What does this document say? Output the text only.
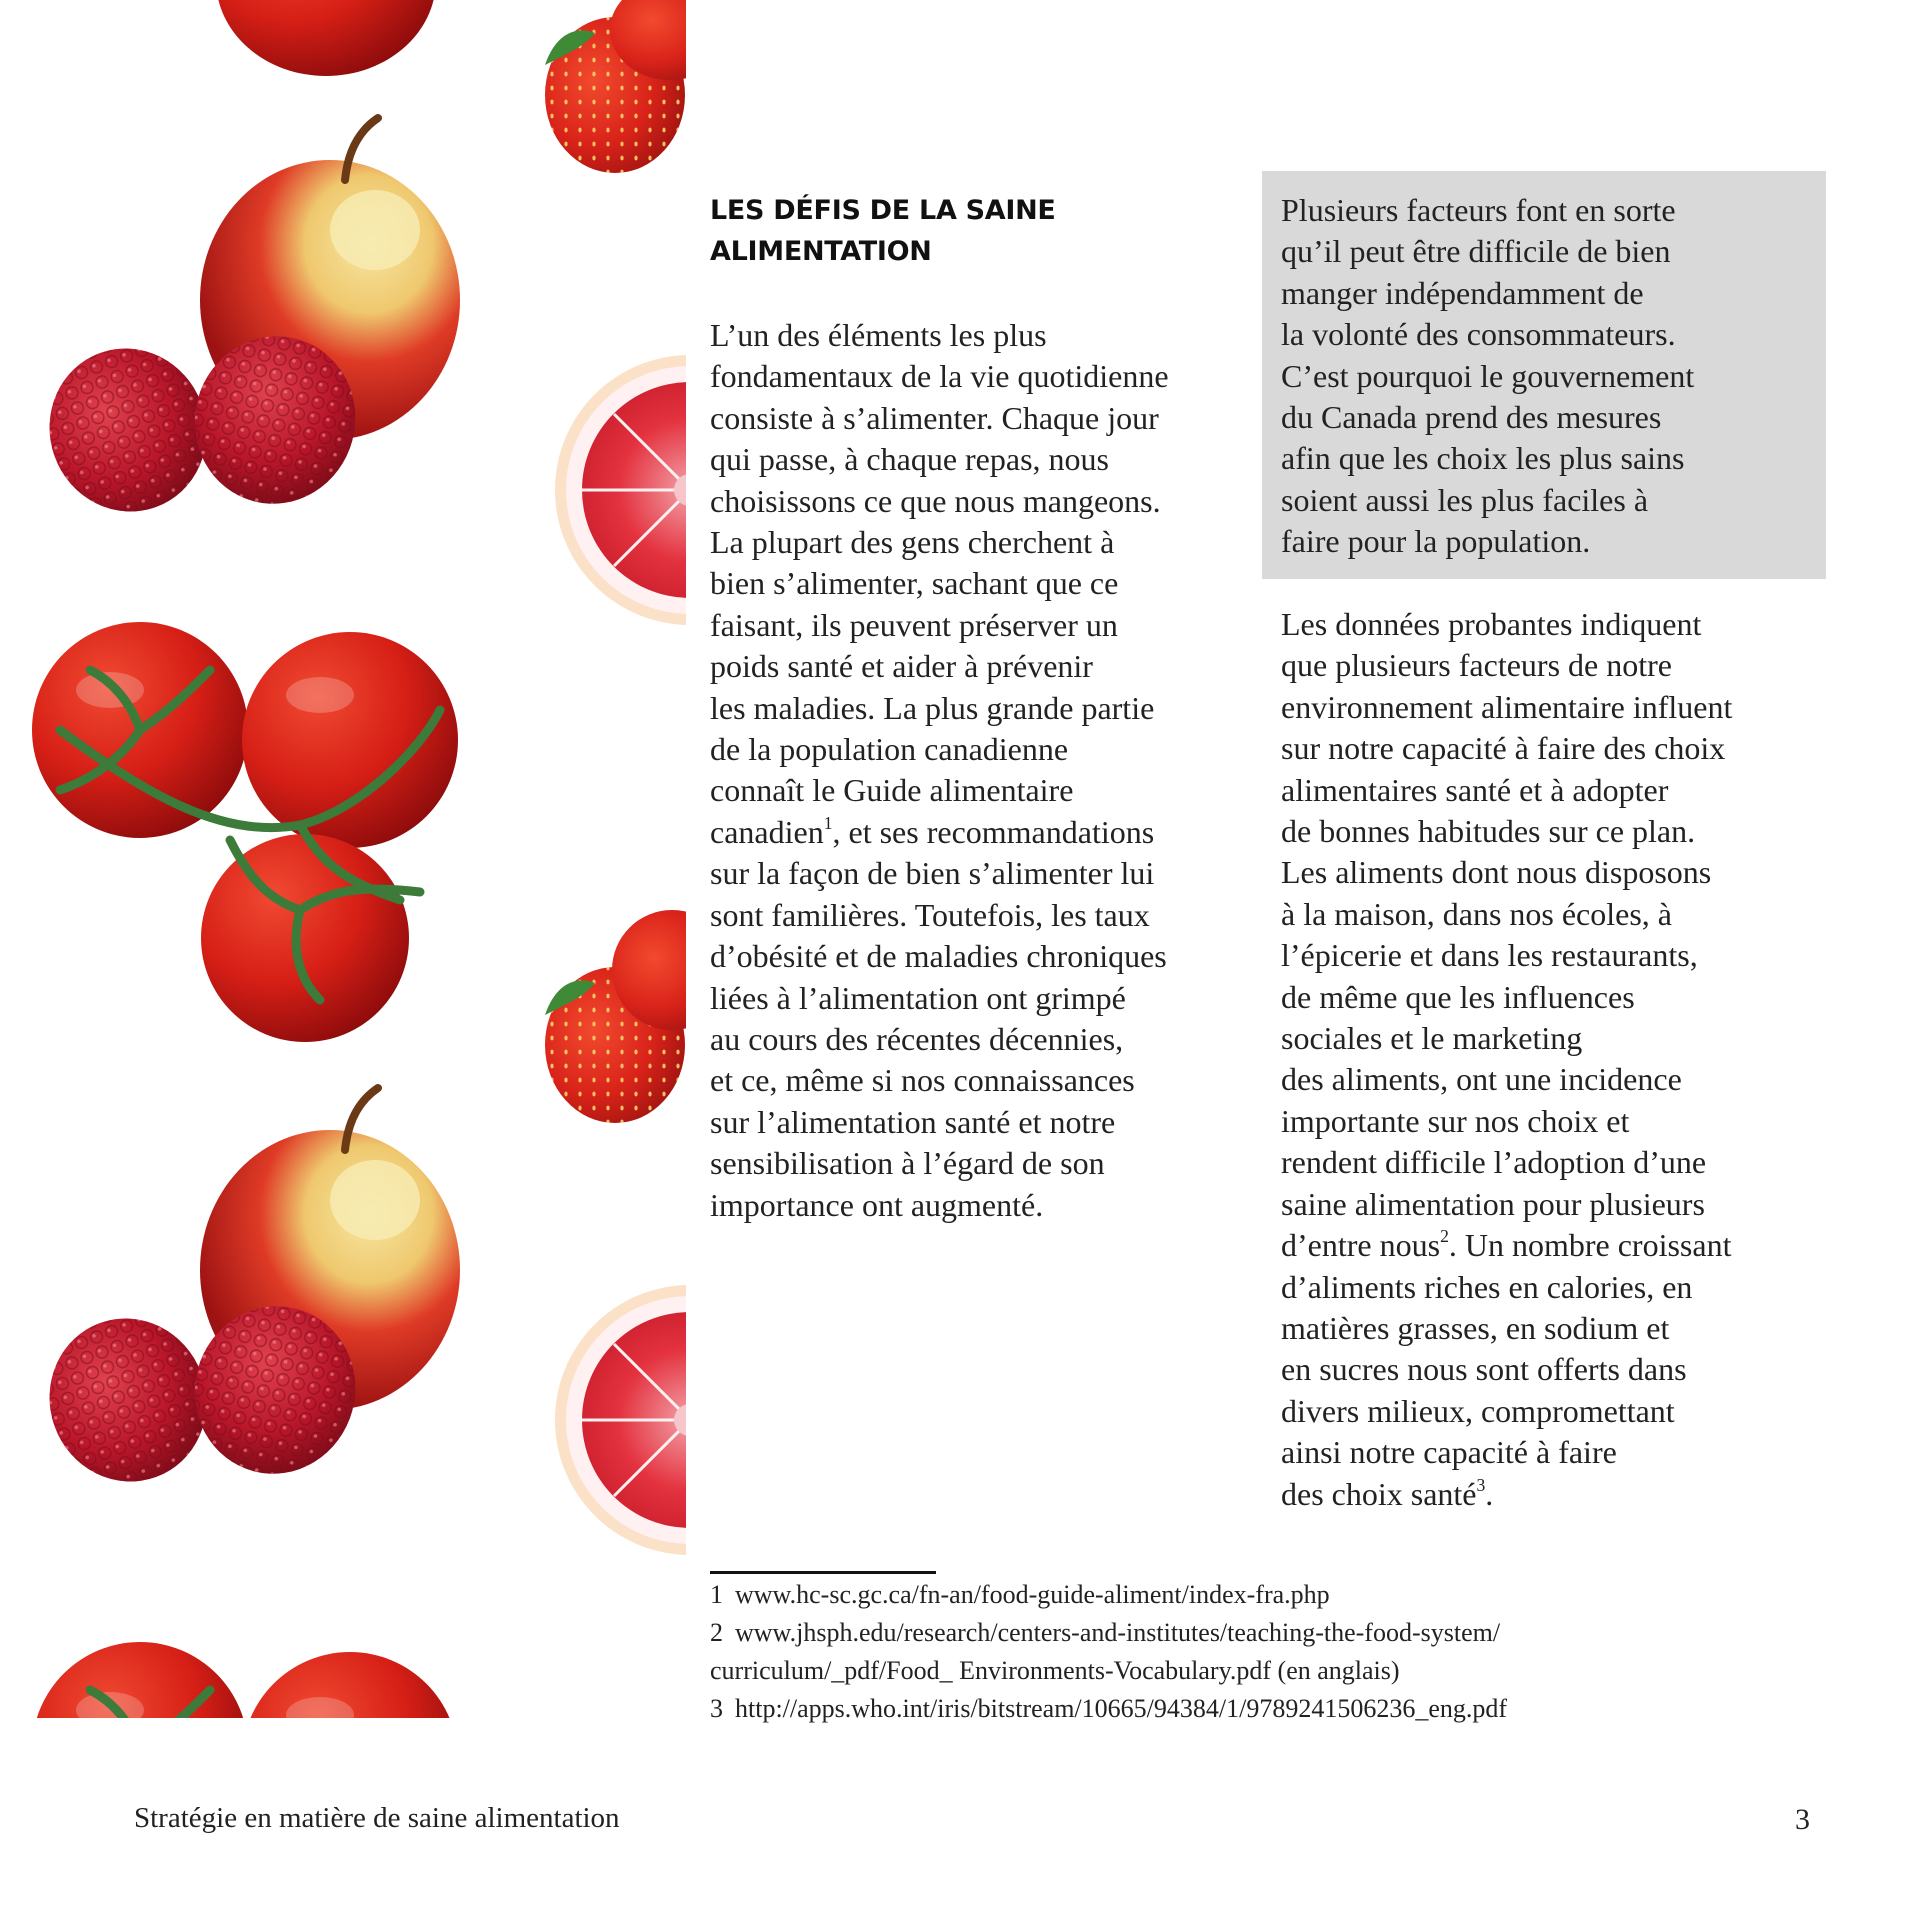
LES DÉFIS DE LA SAINE
ALIMENTATION
L’un des éléments les plus
fondamentaux de la vie quotidienne
consiste à s’alimenter. Chaque jour
qui passe, à chaque repas, nous
choisissons ce que nous mangeons.
La plupart des gens cherchent à
bien s’alimenter, sachant que ce
faisant, ils peuvent préserver un
poids santé et aider à prévenir
les maladies. La plus grande partie
de la population canadienne
connaît le Guide alimentaire
canadien$^1$, et ses recommandations
sur la façon de bien s’alimenter lui
sont familières. Toutefois, les taux
d’obésité et de maladies chroniques
liées à l’alimentation ont grimpé
au cours des récentes décennies,
et ce, même si nos connaissances
sur l’alimentation santé et notre
sensibilisation à l’égard de son
importance ont augmenté.
Plusieurs facteurs font en sorte
qu’il peut être difficile de bien
manger indépendamment de
la volonté des consommateurs.
C’est pourquoi le gouvernement
du Canada prend des mesures
afin que les choix les plus sains
soient aussi les plus faciles à
faire pour la population.
Les données probantes indiquent
que plusieurs facteurs de notre
environnement alimentaire influent
sur notre capacité à faire des choix
alimentaires santé et à adopter
de bonnes habitudes sur ce plan.
Les aliments dont nous disposons
à la maison, dans nos écoles, à
l’épicerie et dans les restaurants,
de même que les influences
sociales et le marketing
des aliments, ont une incidence
importante sur nos choix et
rendent difficile l’adoption d’une
saine alimentation pour plusieurs
d’entre nous$^2$. Un nombre croissant
d’aliments riches en calories, en
matières grasses, en sodium et
en sucres nous sont offerts dans
divers milieux, compromettant
ainsi notre capacité à faire
des choix santé$^3$.
1 www.hc-sc.gc.ca/fn-an/food-guide-aliment/index-fra.php
2 www.jhsph.edu/research/centers-and-institutes/teaching-the-food-system/
curriculum/_pdf/Food_ Environments-Vocabulary.pdf (en anglais)
3 http://apps.who.int/iris/bitstream/10665/94384/1/9789241506236_eng.pdf
Stratégie en matière de saine alimentation	3
